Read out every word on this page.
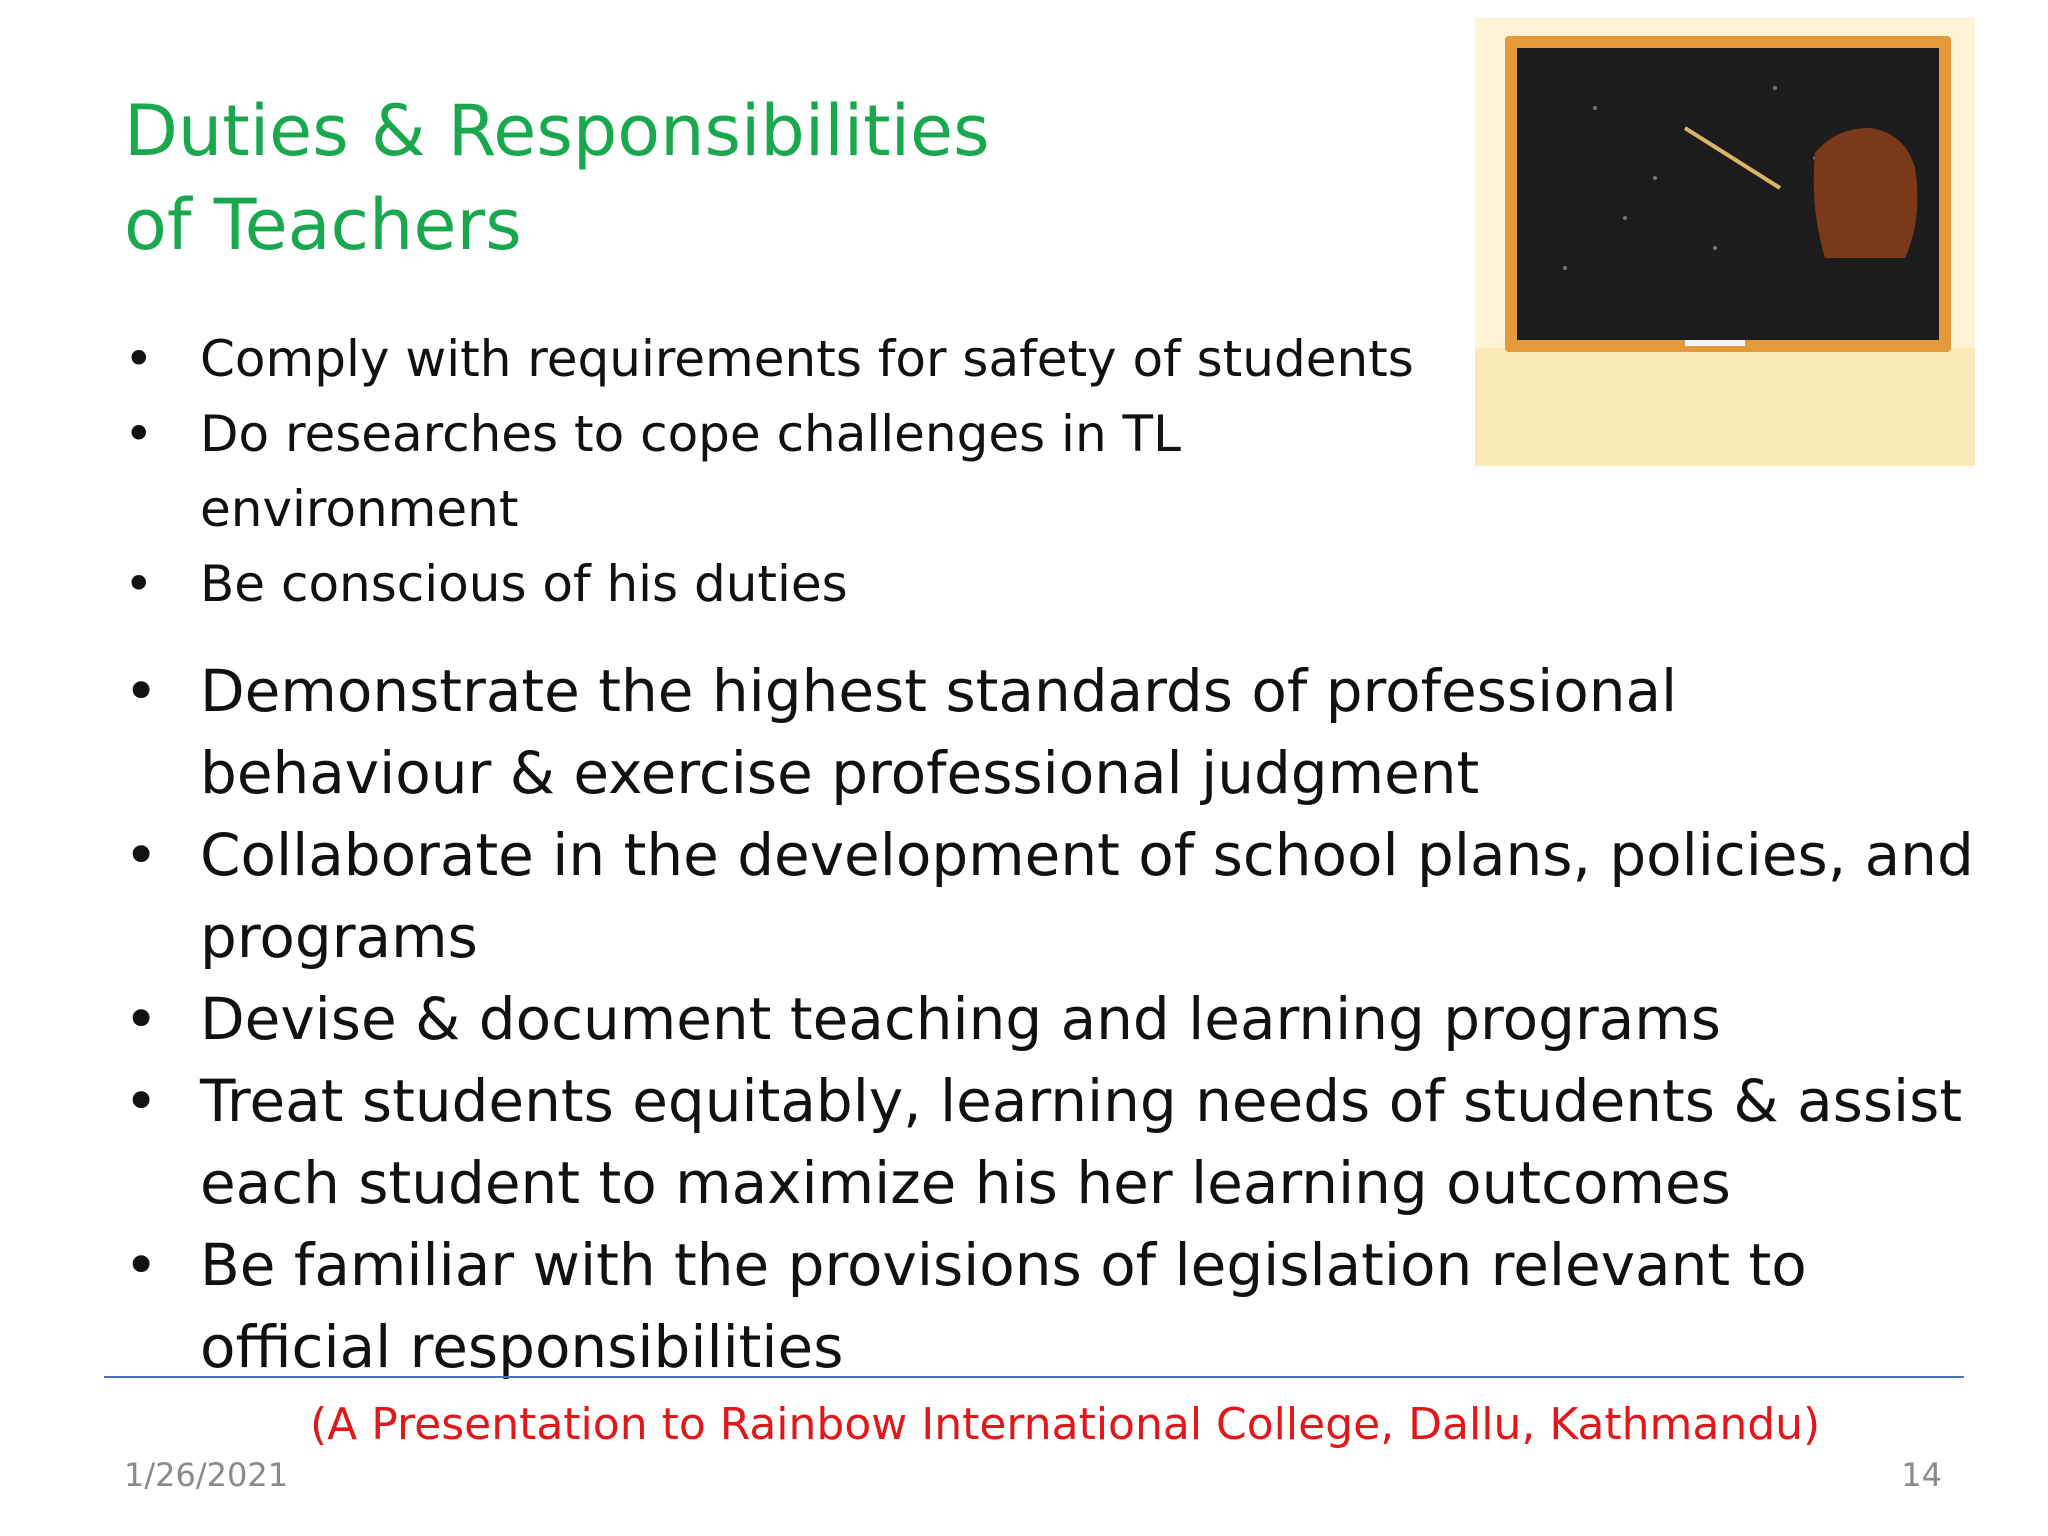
Duties & Responsibilities
of Teachers
• Comply with requirements for safety of students
• Do researches to cope challenges in TL environment
• Be conscious of his duties
• Demonstrate the highest standards of professional behaviour & exercise professional judgment
• Collaborate in the development of school plans, policies, and programs
• Devise & document teaching and learning programs
• Treat students equitably, learning needs of students & assist each student to maximize his her learning outcomes
• Be familiar with the provisions of legislation relevant to official responsibilities
(A Presentation to Rainbow International College, Dallu, Kathmandu)
1/26/2021	14
